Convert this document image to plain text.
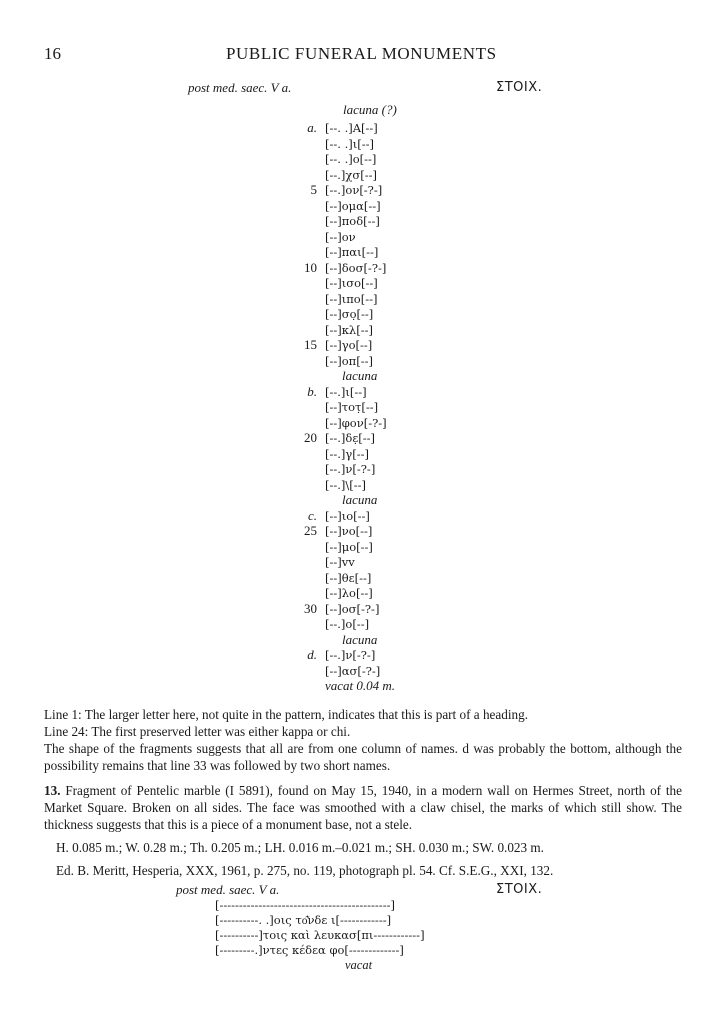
16	PUBLIC FUNERAL MONUMENTS
post med. saec. V a.	ΣΤΟΙΧ.
lacuna (?)
a. [--. .]Α[--]
[--. .]ι[--]
[--. .]ο[--]
[--.]χσ[--]
5 [--.]ον[-?-]
[--]ομα[--]
[--]ποδ[--]
[--]ον
[--]παι[--]
10 [--]δοσ[-?-]
[--]ισο[--]
[--]ιπο[--]
[--]σο̣[--]
[--]κλ[--]
15 [--]γο[--]
[--]οπ[--]
lacuna
b. [--.]ι[--]
[--]τοτ̣[--]
[--]φον[-?-]
20 [--.]δε̣[--]
[--.]γ[--]
[--.]ν[-?-]
[--.]\[--]
lacuna
c. [--]ιο[--]
25 [--]νο[--]
[--]μο[--]
[--]vv
[--]θε[--]
[--]λο[--]
30 [--]οσ[-?-]
[--.]ο[--]
lacuna
d. [--.]ν[-?-]
[--]ασ[-?-]
vacat 0.04 m.

Line 1: The larger letter here, not quite in the pattern, indicates that this is part of a heading.

Line 24: The first preserved letter was either kappa or chi.

The shape of the fragments suggests that all are from one column of names. d was probably the bottom, although the possibility remains that line 33 was followed by two short names.

13. Fragment of Pentelic marble (I 5891), found on May 15, 1940, in a modern wall on Hermes Street, north of the Market Square. Broken on all sides. The face was smoothed with a claw chisel, the marks of which still show. The thickness suggests that this is a piece of a monument base, not a stele.

H. 0.085 m.; W. 0.28 m.; Th. 0.205 m.; LH. 0.016 m.–0.021 m.; SH. 0.030 m.; SW. 0.023 m.

Ed. B. Meritt, Hesperia, XXX, 1961, p. 275, no. 119, photograph pl. 54. Cf. S.E.G., XXI, 132.

post med. saec. V a.	ΣΤΟΙΧ.
[--------------------------------------------]
[----------. .]οις τo̓͂νδε ι[------------]
[----------]τοις καὶ λευκασ[πι------------]
[---------.]ντες κέδεα φο[-------------]
vacat
